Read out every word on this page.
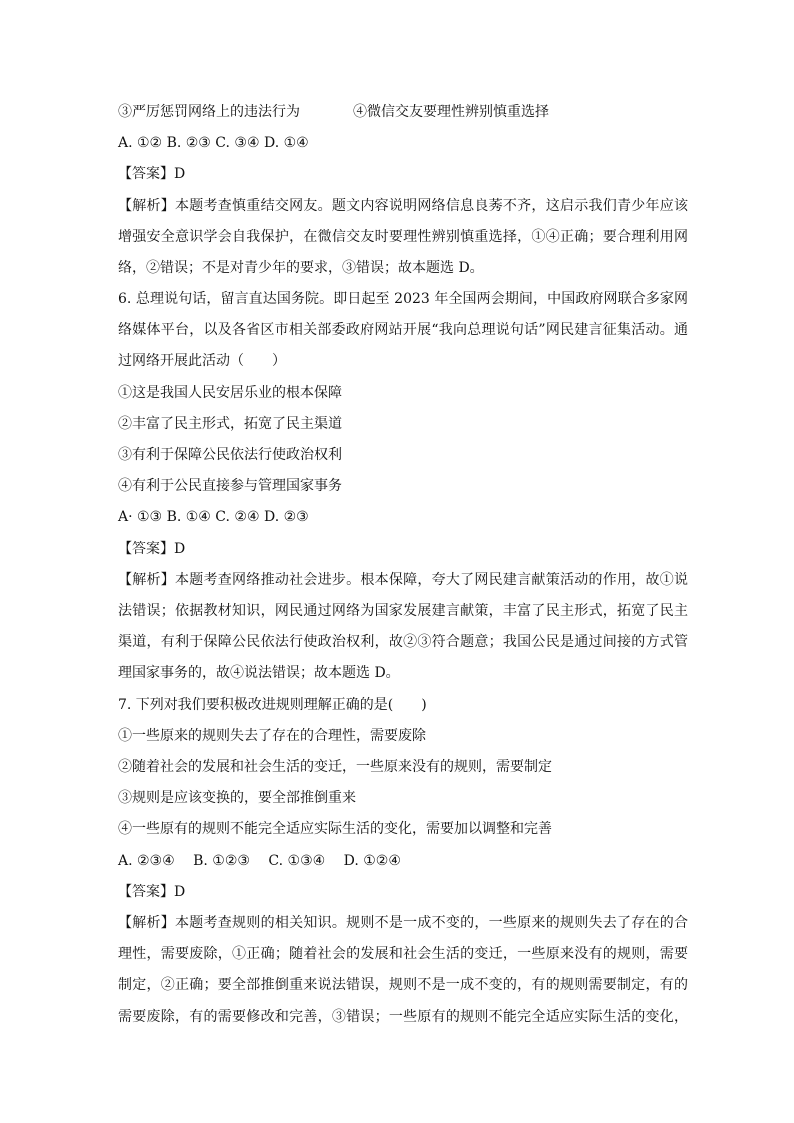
③严厉惩罚网络上的违法行为	④微信交友要理性辨别慎重选择
A. ①② B. ②③ C. ③④ D. ①④
【答案】D
【解析】本题考查慎重结交网友。题文内容说明网络信息良莠不齐，这启示我们青少年应该
增强安全意识学会自我保护，在微信交友时要理性辨别慎重选择，①④正确；要合理利用网
络，②错误；不是对青少年的要求，③错误；故本题选 D。
6. 总理说句话，留言直达国务院。即日起至 2023 年全国两会期间，中国政府网联合多家网
络媒体平台，以及各省区市相关部委政府网站开展“我向总理说句话”网民建言征集活动。通
过网络开展此活动（　　）
①这是我国人民安居乐业的根本保障
②丰富了民主形式，拓宽了民主渠道
③有利于保障公民依法行使政治权利
④有利于公民直接参与管理国家事务
A· ①③ B. ①④ C. ②④ D. ②③
【答案】D
【解析】本题考查网络推动社会进步。根本保障，夸大了网民建言献策活动的作用，故①说
法错误；依据教材知识，网民通过网络为国家发展建言献策，丰富了民主形式，拓宽了民主
渠道，有利于保障公民依法行使政治权利，故②③符合题意；我国公民是通过间接的方式管
理国家事务的，故④说法错误；故本题选 D。
7. 下列对我们要积极改进规则理解正确的是(　　)
①一些原来的规则失去了存在的合理性，需要废除
②随着社会的发展和社会生活的变迁，一些原来没有的规则，需要制定
③规则是应该变换的，要全部推倒重来
④一些原有的规则不能完全适应实际生活的变化，需要加以调整和完善
A. ②③④　 B. ①②③　 C. ①③④　 D. ①②④
【答案】D
【解析】本题考查规则的相关知识。规则不是一成不变的，一些原来的规则失去了存在的合
理性，需要废除，①正确；随着社会的发展和社会生活的变迁，一些原来没有的规则，需要
制定，②正确；要全部推倒重来说法错误，规则不是一成不变的，有的规则需要制定，有的
需要废除，有的需要修改和完善，③错误；一些原有的规则不能完全适应实际生活的变化，
